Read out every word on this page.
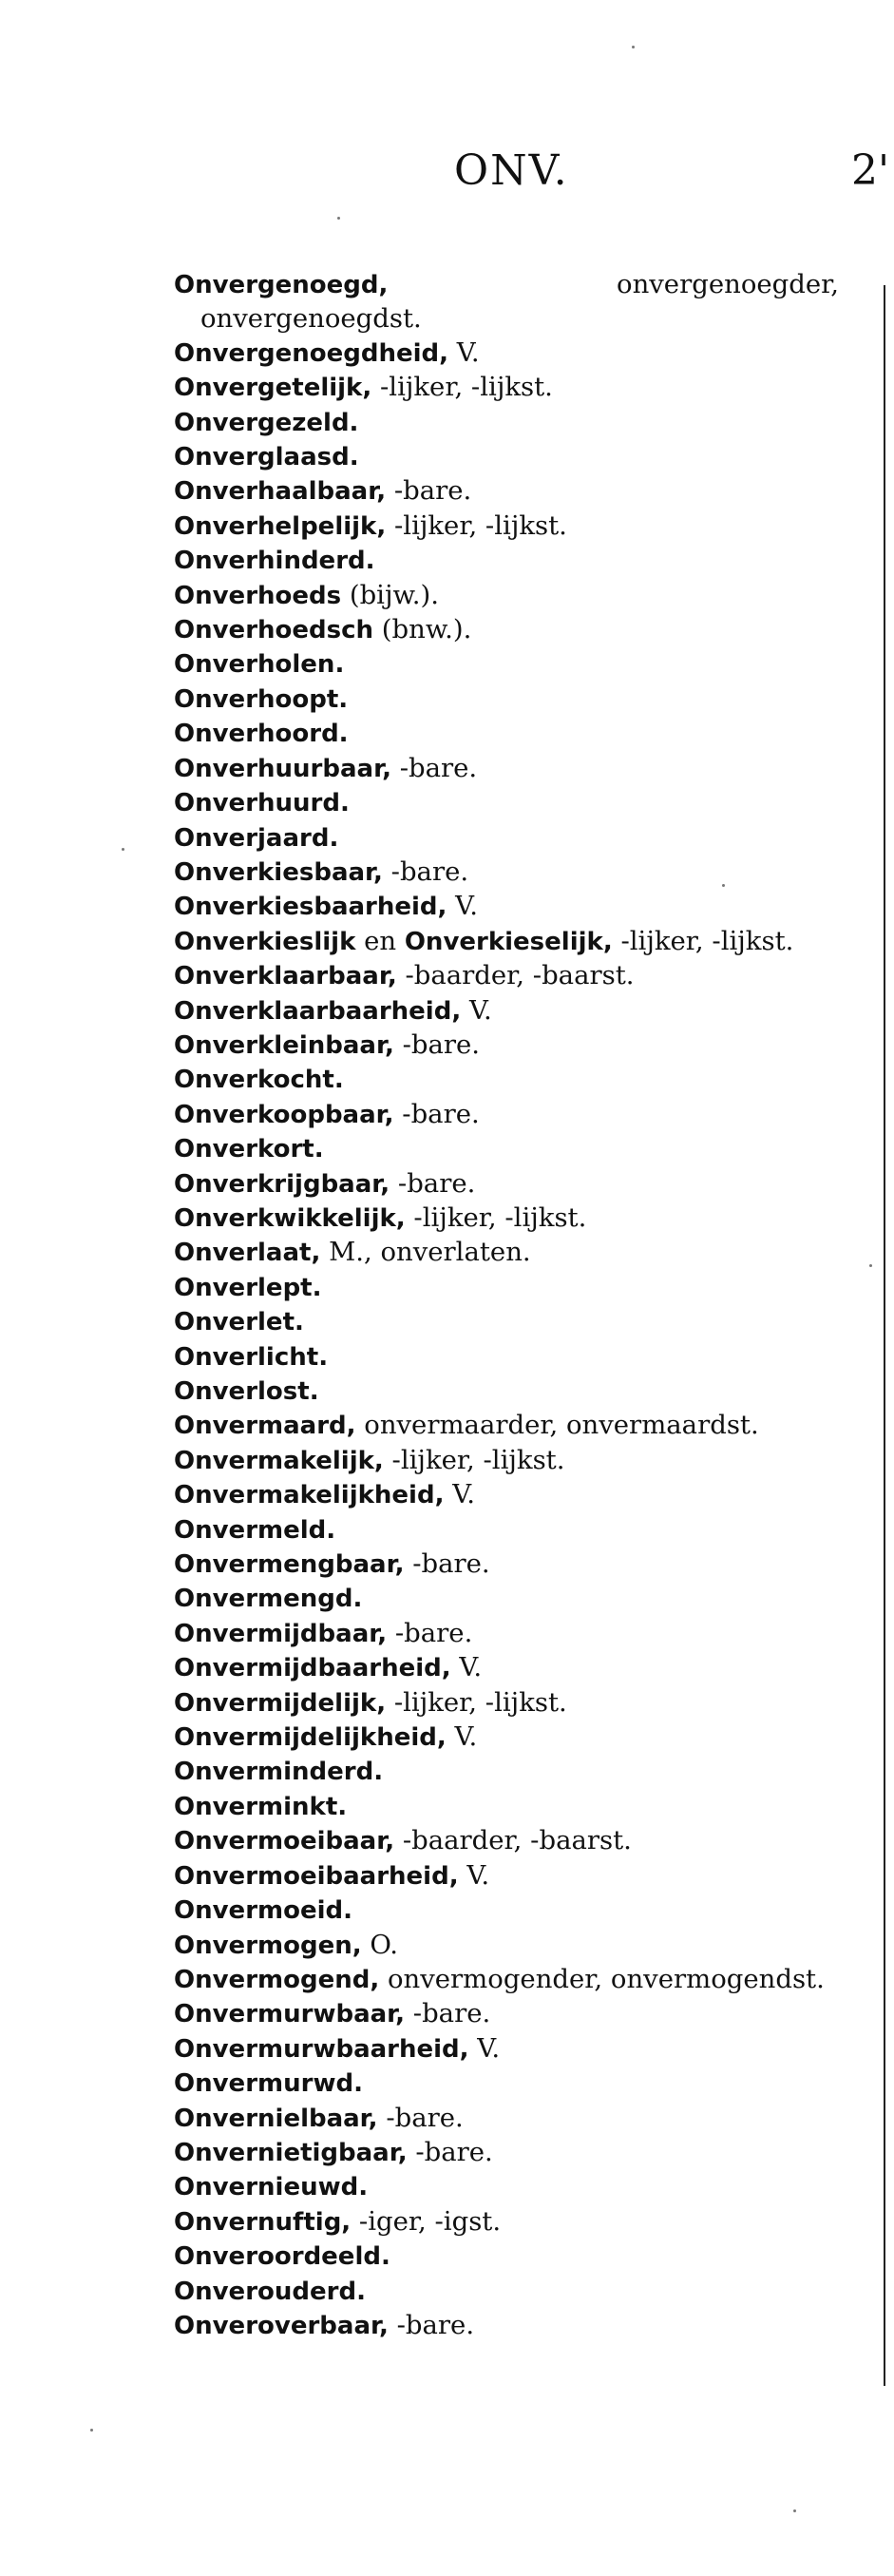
ONV.	2'
Onvergenoegd, onvergenoegder, onvergenoegdst.
Onvergenoegdheid, V.
Onvergetelijk, -lijker, -lijkst.
Onvergezeld.
Onverglaasd.
Onverhaalbaar, -bare.
Onverhelpelijk, -lijker, -lijkst.
Onverhinderd.
Onverhoeds (bijw.).
Onverhoedsch (bnw.).
Onverholen.
Onverhoopt.
Onverhoord.
Onverhuurbaar, -bare.
Onverhuurd.
Onverjaard.
Onverkiesbaar, -bare.
Onverkiesbaarheid, V.
Onverkieslijk en Onverkieselijk, -lijker, -lijkst.
Onverklaarbaar, -baarder, -baarst.
Onverklaarbaarheid, V.
Onverkleinbaar, -bare.
Onverkocht.
Onverkoopbaar, -bare.
Onverkort.
Onverkrijgbaar, -bare.
Onverkwikkelijk, -lijker, -lijkst.
Onverlaat, M., onverlaten.
Onverlept.
Onverlet.
Onverlicht.
Onverlost.
Onvermaard, onvermaarder, onvermaardst.
Onvermakelijk, -lijker, -lijkst.
Onvermakelijkheid, V.
Onvermeld.
Onvermengbaar, -bare.
Onvermengd.
Onvermijdbaar, -bare.
Onvermijdbaarheid, V.
Onvermijdelijk, -lijker, -lijkst.
Onvermijdelijkheid, V.
Onverminderd.
Onverminkt.
Onvermoeibaar, -baarder, -baarst.
Onvermoeibaarheid, V.
Onvermoeid.
Onvermogen, O.
Onvermogend, onvermogender, onvermogendst.
Onvermurwbaar, -bare.
Onvermurwbaarheid, V.
Onvermurwd.
Onvernielbaar, -bare.
Onvernietigbaar, -bare.
Onvernieuwd.
Onvernuftig, -iger, -igst.
Onveroordeeld.
Onverouderd.
Onveroverbaar, -bare.
